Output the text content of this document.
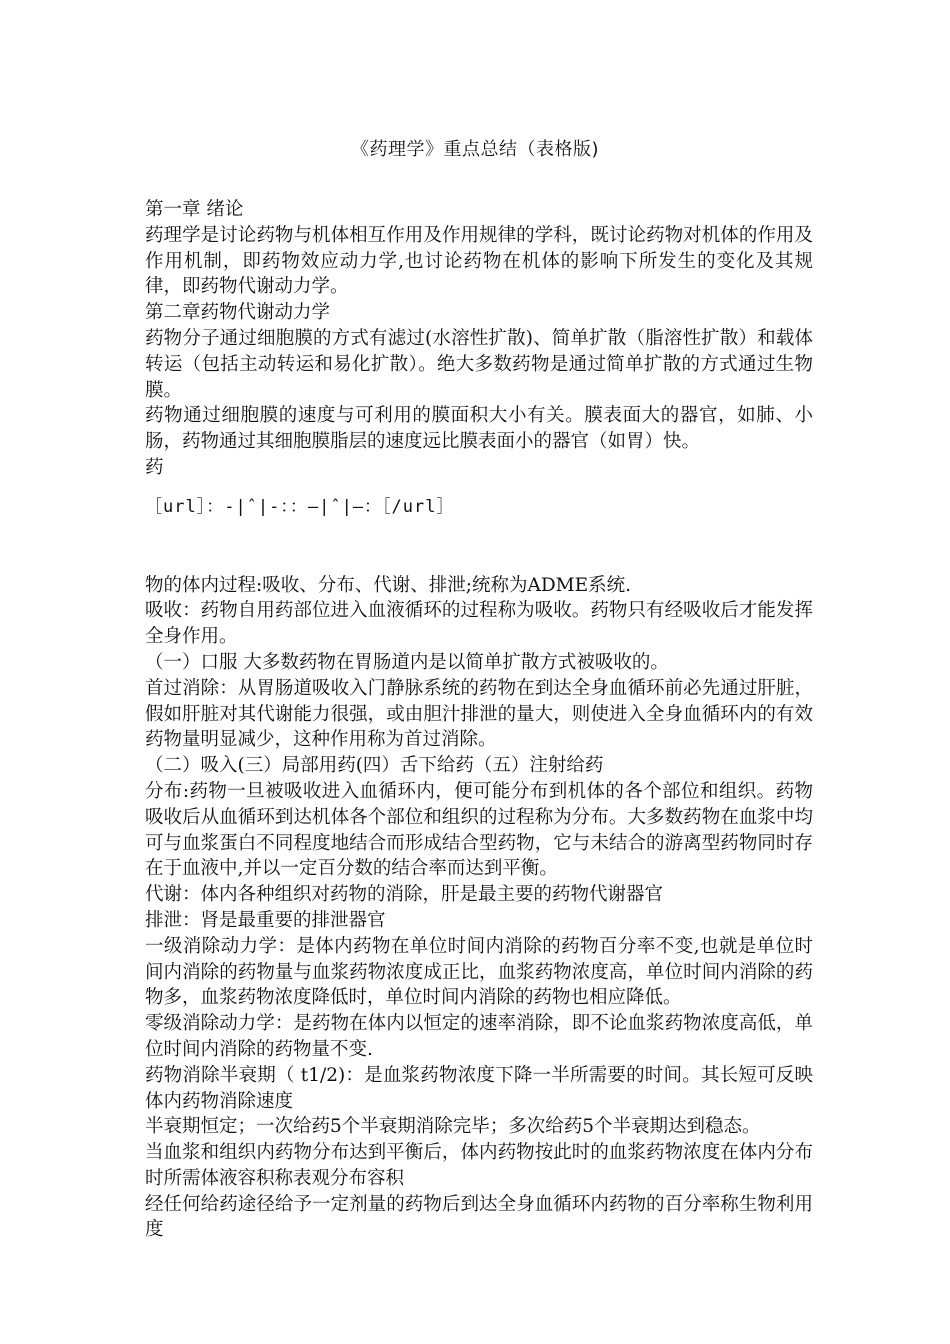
《药理学》重点总结（表格版)

第一章 绪论

药理学是讨论药物与机体相互作用及作用规律的学科，既讨论药物对机体的作用及作用机制，即药物效应动力学,也讨论药物在机体的影响下所发生的变化及其规律，即药物代谢动力学。

第二章药物代谢动力学

药物分子通过细胞膜的方式有滤过(水溶性扩散)、简单扩散（脂溶性扩散）和载体转运（包括主动转运和易化扩散）。绝大多数药物是通过简单扩散的方式通过生物膜。

药物通过细胞膜的速度与可利用的膜面积大小有关。膜表面大的器官，如肺、小肠，药物通过其细胞膜脂层的速度远比膜表面小的器官（如胃）快。

药

［url］：-|ˆ|-：：—|ˆ|—：［/url］

物的体内过程:吸收、分布、代谢、排泄;统称为ADME系统.

吸收：药物自用药部位进入血液循环的过程称为吸收。药物只有经吸收后才能发挥全身作用。

（一）口服 大多数药物在胃肠道内是以简单扩散方式被吸收的。

首过消除：从胃肠道吸收入门静脉系统的药物在到达全身血循环前必先通过肝脏，假如肝脏对其代谢能力很强，或由胆汁排泄的量大，则使进入全身血循环内的有效药物量明显减少，这种作用称为首过消除。

（二）吸入(三）局部用药(四）舌下给药（五）注射给药

分布:药物一旦被吸收进入血循环内，便可能分布到机体的各个部位和组织。药物吸收后从血循环到达机体各个部位和组织的过程称为分布。大多数药物在血浆中均可与血浆蛋白不同程度地结合而形成结合型药物，它与未结合的游离型药物同时存在于血液中,并以一定百分数的结合率而达到平衡。

代谢：体内各种组织对药物的消除，肝是最主要的药物代谢器官

排泄：肾是最重要的排泄器官

一级消除动力学：是体内药物在单位时间内消除的药物百分率不变,也就是单位时间内消除的药物量与血浆药物浓度成正比，血浆药物浓度高，单位时间内消除的药物多，血浆药物浓度降低时，单位时间内消除的药物也相应降低。

零级消除动力学：是药物在体内以恒定的速率消除，即不论血浆药物浓度高低，单位时间内消除的药物量不变.

药物消除半衰期（ t1/2)：是血浆药物浓度下降一半所需要的时间。其长短可反映体内药物消除速度

半衰期恒定；一次给药5个半衰期消除完毕；多次给药5个半衰期达到稳态。

当血浆和组织内药物分布达到平衡后，体内药物按此时的血浆药物浓度在体内分布时所需体液容积称表观分布容积

经任何给药途径给予一定剂量的药物后到达全身血循环内药物的百分率称生物利用度
